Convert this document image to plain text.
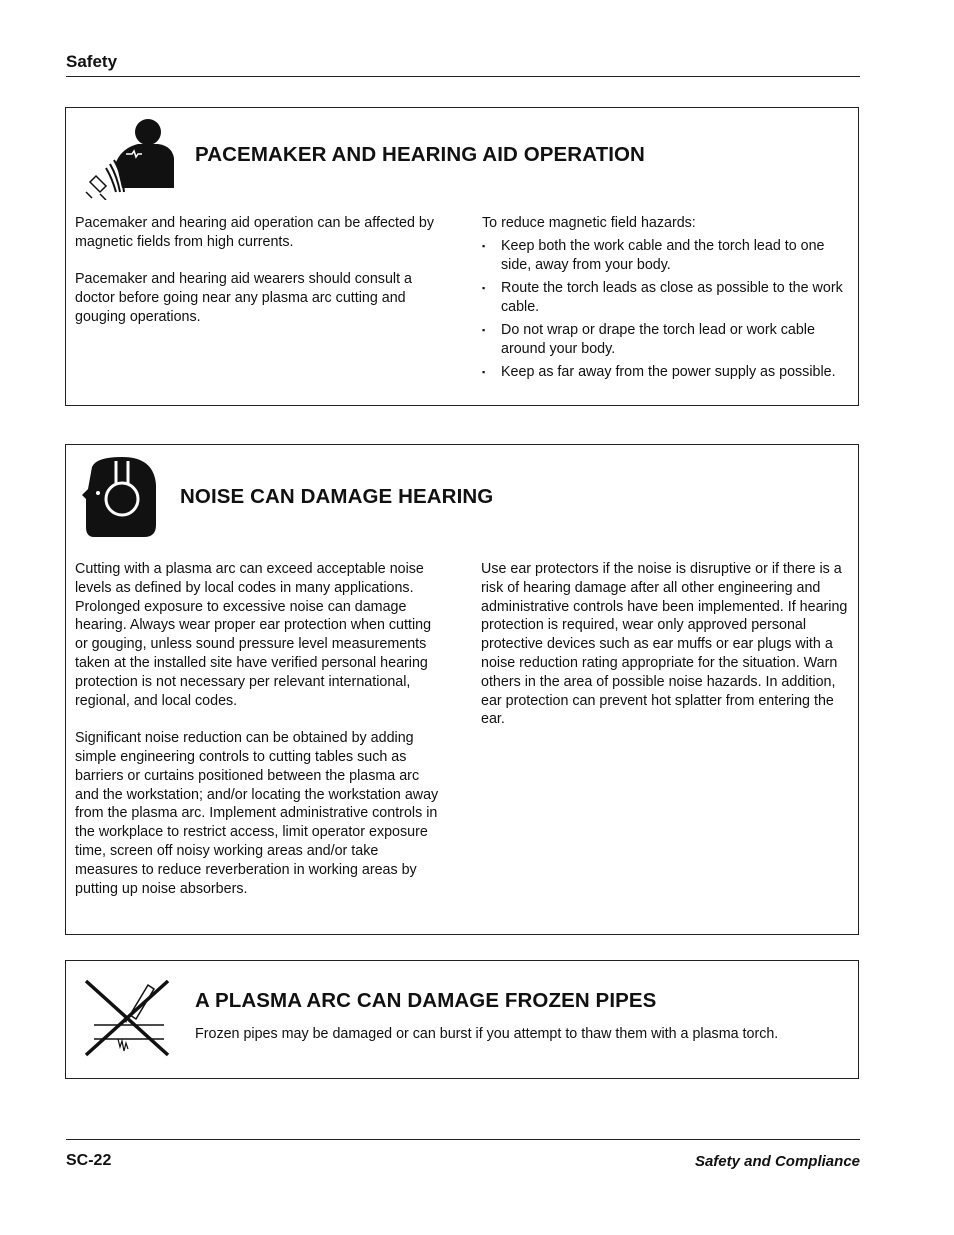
Safety
PACEMAKER AND HEARING AID OPERATION

Pacemaker and hearing aid operation can be affected by magnetic fields from high currents.

Pacemaker and hearing aid wearers should consult a doctor before going near any plasma arc cutting and gouging operations.

To reduce magnetic field hazards:
▪ Keep both the work cable and the torch lead to one side, away from your body.
▪ Route the torch leads as close as possible to the work cable.
▪ Do not wrap or drape the torch lead or work cable around your body.
▪ Keep as far away from the power supply as possible.
NOISE CAN DAMAGE HEARING

Cutting with a plasma arc can exceed acceptable noise levels as defined by local codes in many applications. Prolonged exposure to excessive noise can damage hearing. Always wear proper ear protection when cutting or gouging, unless sound pressure level measurements taken at the installed site have verified personal hearing protection is not necessary per relevant international, regional, and local codes.

Significant noise reduction can be obtained by adding simple engineering controls to cutting tables such as barriers or curtains positioned between the plasma arc and the workstation; and/or locating the workstation away from the plasma arc. Implement administrative controls in the workplace to restrict access, limit operator exposure time, screen off noisy working areas and/or take measures to reduce reverberation in working areas by putting up noise absorbers.

Use ear protectors if the noise is disruptive or if there is a risk of hearing damage after all other engineering and administrative controls have been implemented. If hearing protection is required, wear only approved personal protective devices such as ear muffs or ear plugs with a noise reduction rating appropriate for the situation. Warn others in the area of possible noise hazards. In addition, ear protection can prevent hot splatter from entering the ear.

A PLASMA ARC CAN DAMAGE FROZEN PIPES
Frozen pipes may be damaged or can burst if you attempt to thaw them with a plasma torch.
SC-22	Safety and Compliance
